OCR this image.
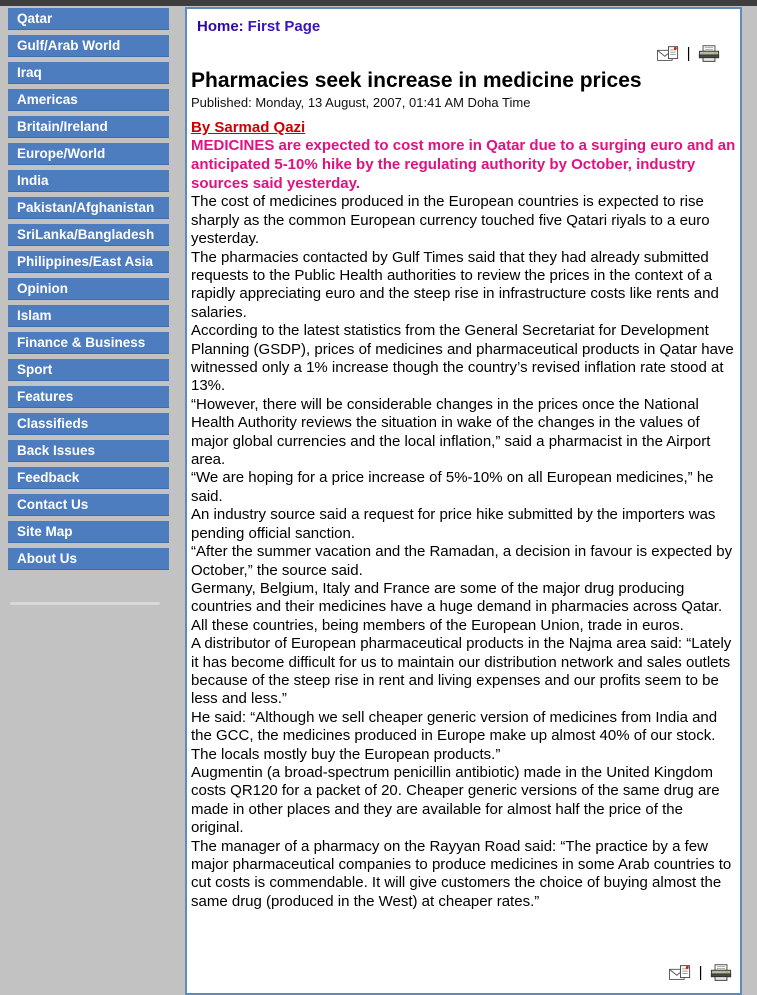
Qatar
Gulf/Arab World
Iraq
Americas
Britain/Ireland
Europe/World
India
Pakistan/Afghanistan
SriLanka/Bangladesh
Philippines/East Asia
Opinion
Islam
Finance & Business
Sport
Features
Classifieds
Back Issues
Feedback
Contact Us
Site Map
About Us
Home: First Page
|
Pharmacies seek increase in medicine prices
Published: Monday, 13 August, 2007, 01:41 AM Doha Time
By Sarmad Qazi

MEDICINES are expected to cost more in Qatar due to a surging euro and an anticipated 5-10% hike by the regulating authority by October, industry sources said yesterday.

The cost of medicines produced in the European countries is expected to rise sharply as the common European currency touched five Qatari riyals to a euro yesterday.

The pharmacies contacted by Gulf Times said that they had already submitted requests to the Public Health authorities to review the prices in the context of a rapidly appreciating euro and the steep rise in infrastructure costs like rents and salaries.

According to the latest statistics from the General Secretariat for Development Planning (GSDP), prices of medicines and pharmaceutical products in Qatar have witnessed only a 1% increase though the country’s revised inflation rate stood at 13%.

“However, there will be considerable changes in the prices once the National Health Authority reviews the situation in wake of the changes in the values of major global currencies and the local inflation,” said a pharmacist in the Airport area.

“We are hoping for a price increase of 5%-10% on all European medicines,” he said.

An industry source said a request for price hike submitted by the importers was pending official sanction.

“After the summer vacation and the Ramadan, a decision in favour is expected by October,” the source said.

Germany, Belgium, Italy and France are some of the major drug producing countries and their medicines have a huge demand in pharmacies across Qatar. All these countries, being members of the European Union, trade in euros.

A distributor of European pharmaceutical products in the Najma area said: “Lately it has become difficult for us to maintain our distribution network and sales outlets because of the steep rise in rent and living expenses and our profits seem to be less and less.”

He said: “Although we sell cheaper generic version of medicines from India and the GCC, the medicines produced in Europe make up almost 40% of our stock. The locals mostly buy the European products.”

Augmentin (a broad-spectrum penicillin antibiotic) made in the United Kingdom costs QR120 for a packet of 20. Cheaper generic versions of the same drug are made in other places and they are available for almost half the price of the original.

The manager of a pharmacy on the Rayyan Road said: “The practice by a few major pharmaceutical companies to produce medicines in some Arab countries to cut costs is commendable. It will give customers the choice of buying almost the same drug (produced in the West) at cheaper rates.”

|
